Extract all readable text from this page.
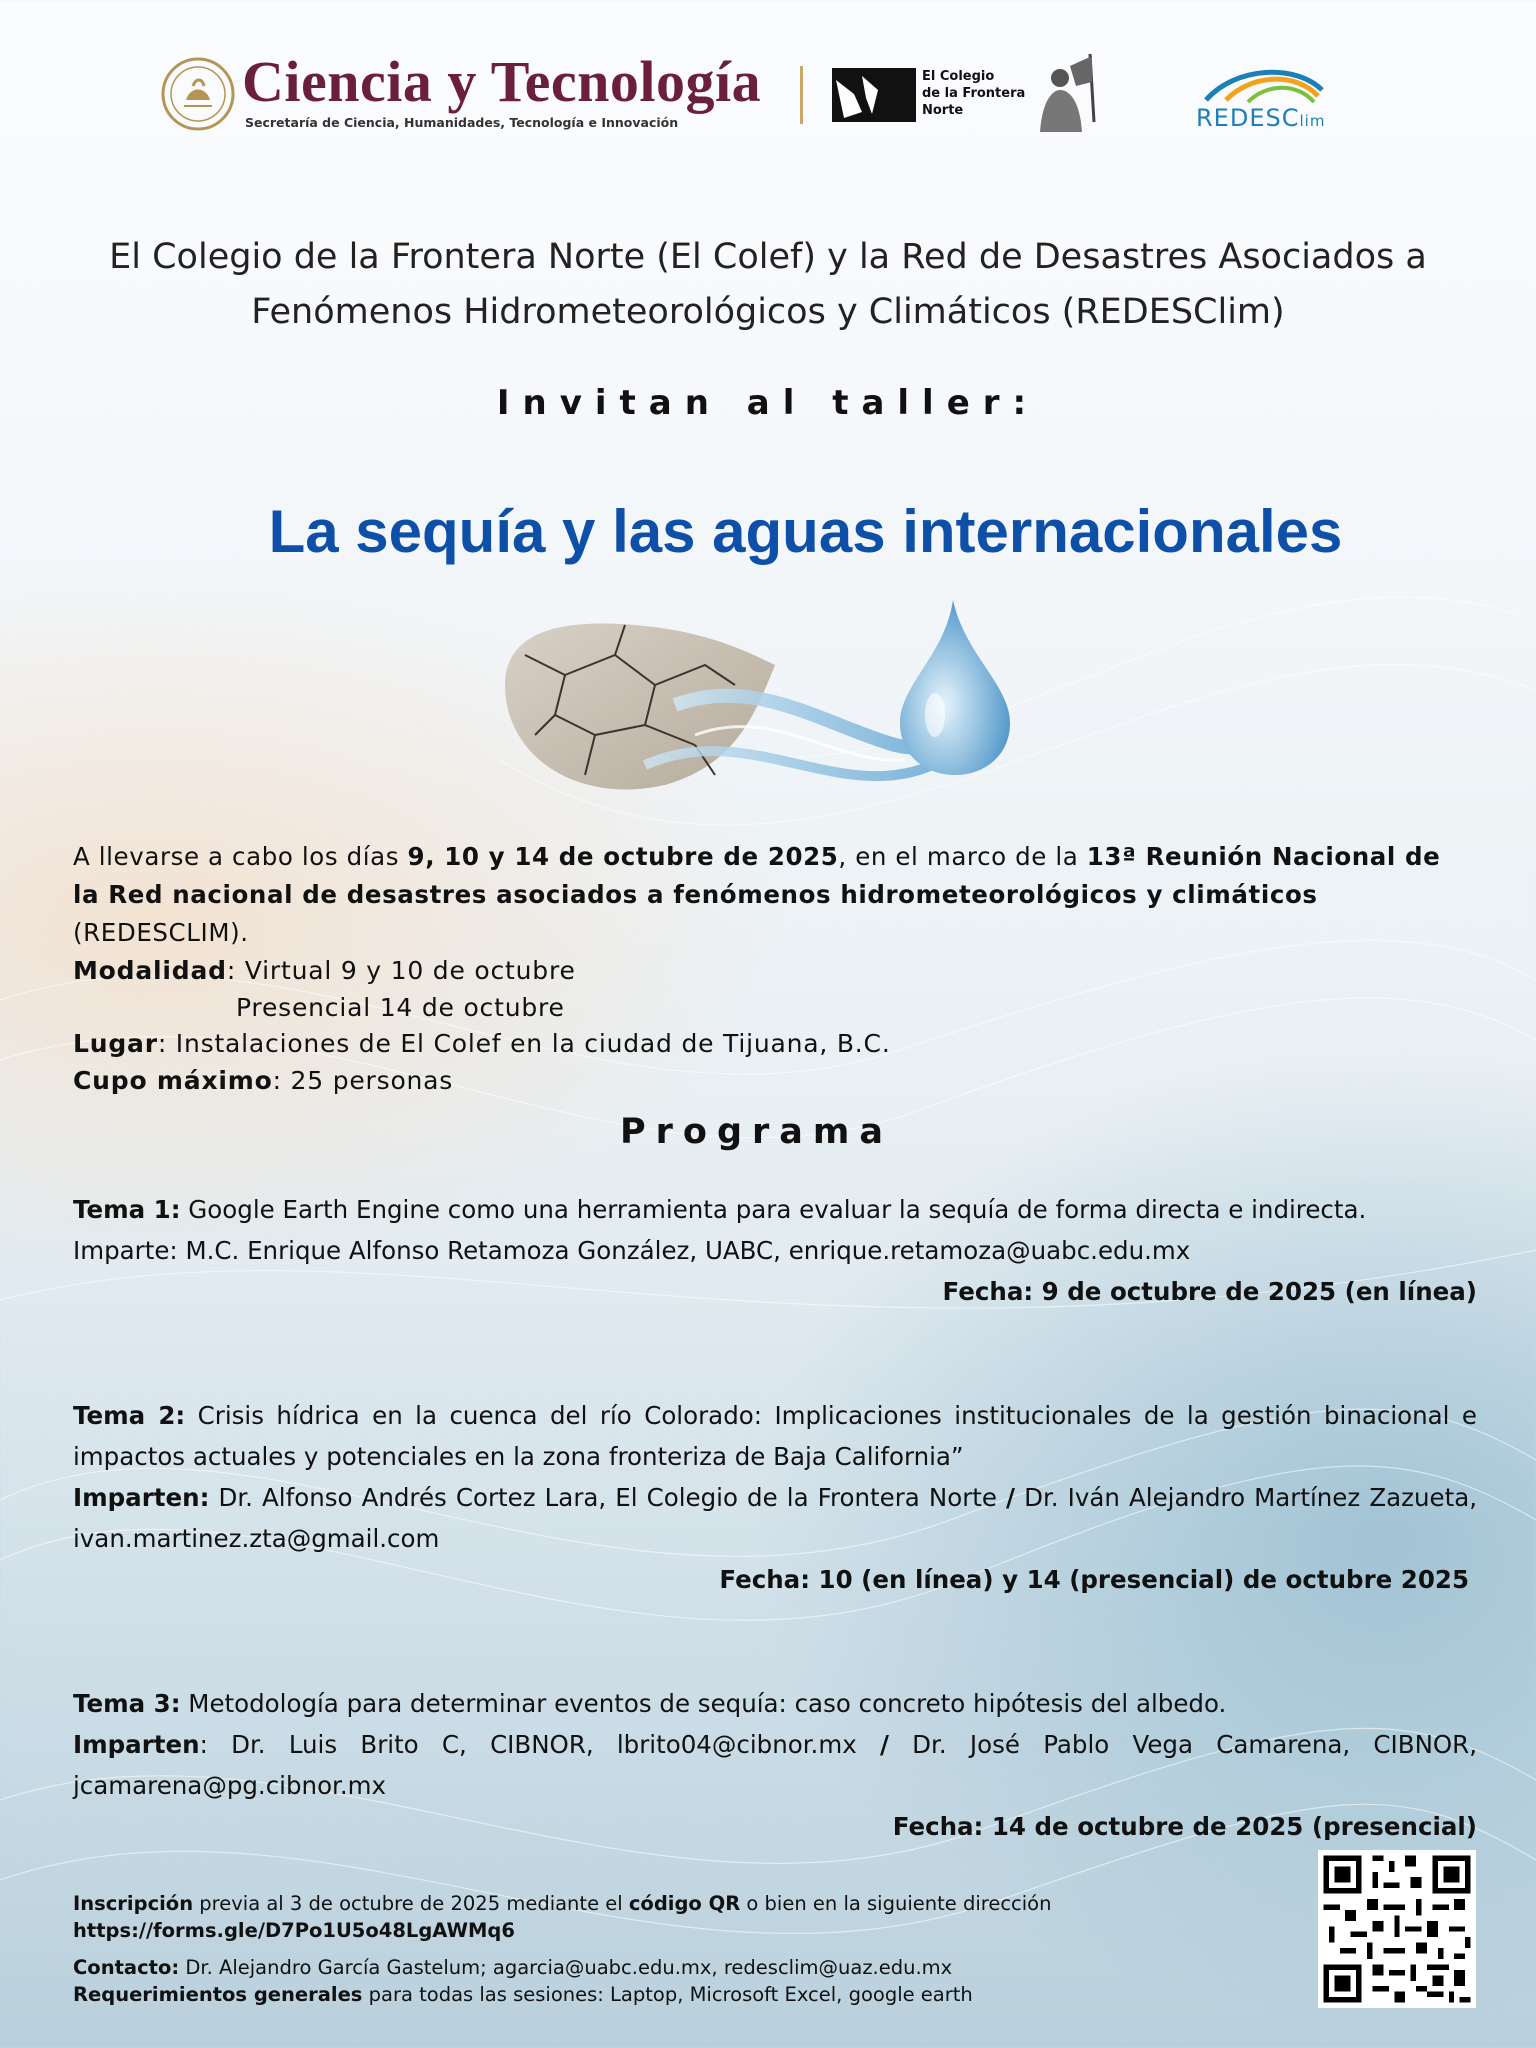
Ciencia y Tecnología
Secretaría de Ciencia, Humanidades, Tecnología e Innovación
El Colegio
de la Frontera
Norte	REDESClim
El Colegio de la Frontera Norte (El Colef) y la Red de Desastres Asociados a
Fenómenos Hidrometeorológicos y Climáticos (REDESClim)
Invitan al taller:
La sequía y las aguas internacionales
A llevarse a cabo los días 9, 10 y 14 de octubre de 2025, en el marco de la 13ª Reunión Nacional de la Red nacional de desastres asociados a fenómenos hidrometeorológicos y climáticos (REDESCLIM).
Modalidad: Virtual 9 y 10 de octubre
Presencial 14 de octubre
Lugar: Instalaciones de El Colef en la ciudad de Tijuana, B.C.
Cupo máximo: 25 personas
Programa

Tema 1: Google Earth Engine como una herramienta para evaluar la sequía de forma directa e indirecta.

Imparte: M.C. Enrique Alfonso Retamoza González, UABC, enrique.retamoza@uabc.edu.mx

Fecha: 9 de octubre de 2025 (en línea)

Tema 2: Crisis hídrica en la cuenca del río Colorado: Implicaciones institucionales de la gestión binacional e impactos actuales y potenciales en la zona fronteriza de Baja California”

Imparten: Dr. Alfonso Andrés Cortez Lara, El Colegio de la Frontera Norte / Dr. Iván Alejandro Martínez Zazueta, ivan.martinez.zta@gmail.com

Fecha: 10 (en línea) y 14 (presencial) de octubre 2025

Tema 3: Metodología para determinar eventos de sequía: caso concreto hipótesis del albedo.

Imparten: Dr. Luis Brito C, CIBNOR, lbrito04@cibnor.mx / Dr. José Pablo Vega Camarena, CIBNOR, jcamarena@pg.cibnor.mx

Fecha: 14 de octubre de 2025 (presencial)

Inscripción previa al 3 de octubre de 2025 mediante el código QR o bien en la siguiente dirección

https://forms.gle/D7Po1U5o48LgAWMq6

Contacto: Dr. Alejandro García Gastelum; agarcia@uabc.edu.mx, redesclim@uaz.edu.mx

Requerimientos generales para todas las sesiones: Laptop, Microsoft Excel, google earth
